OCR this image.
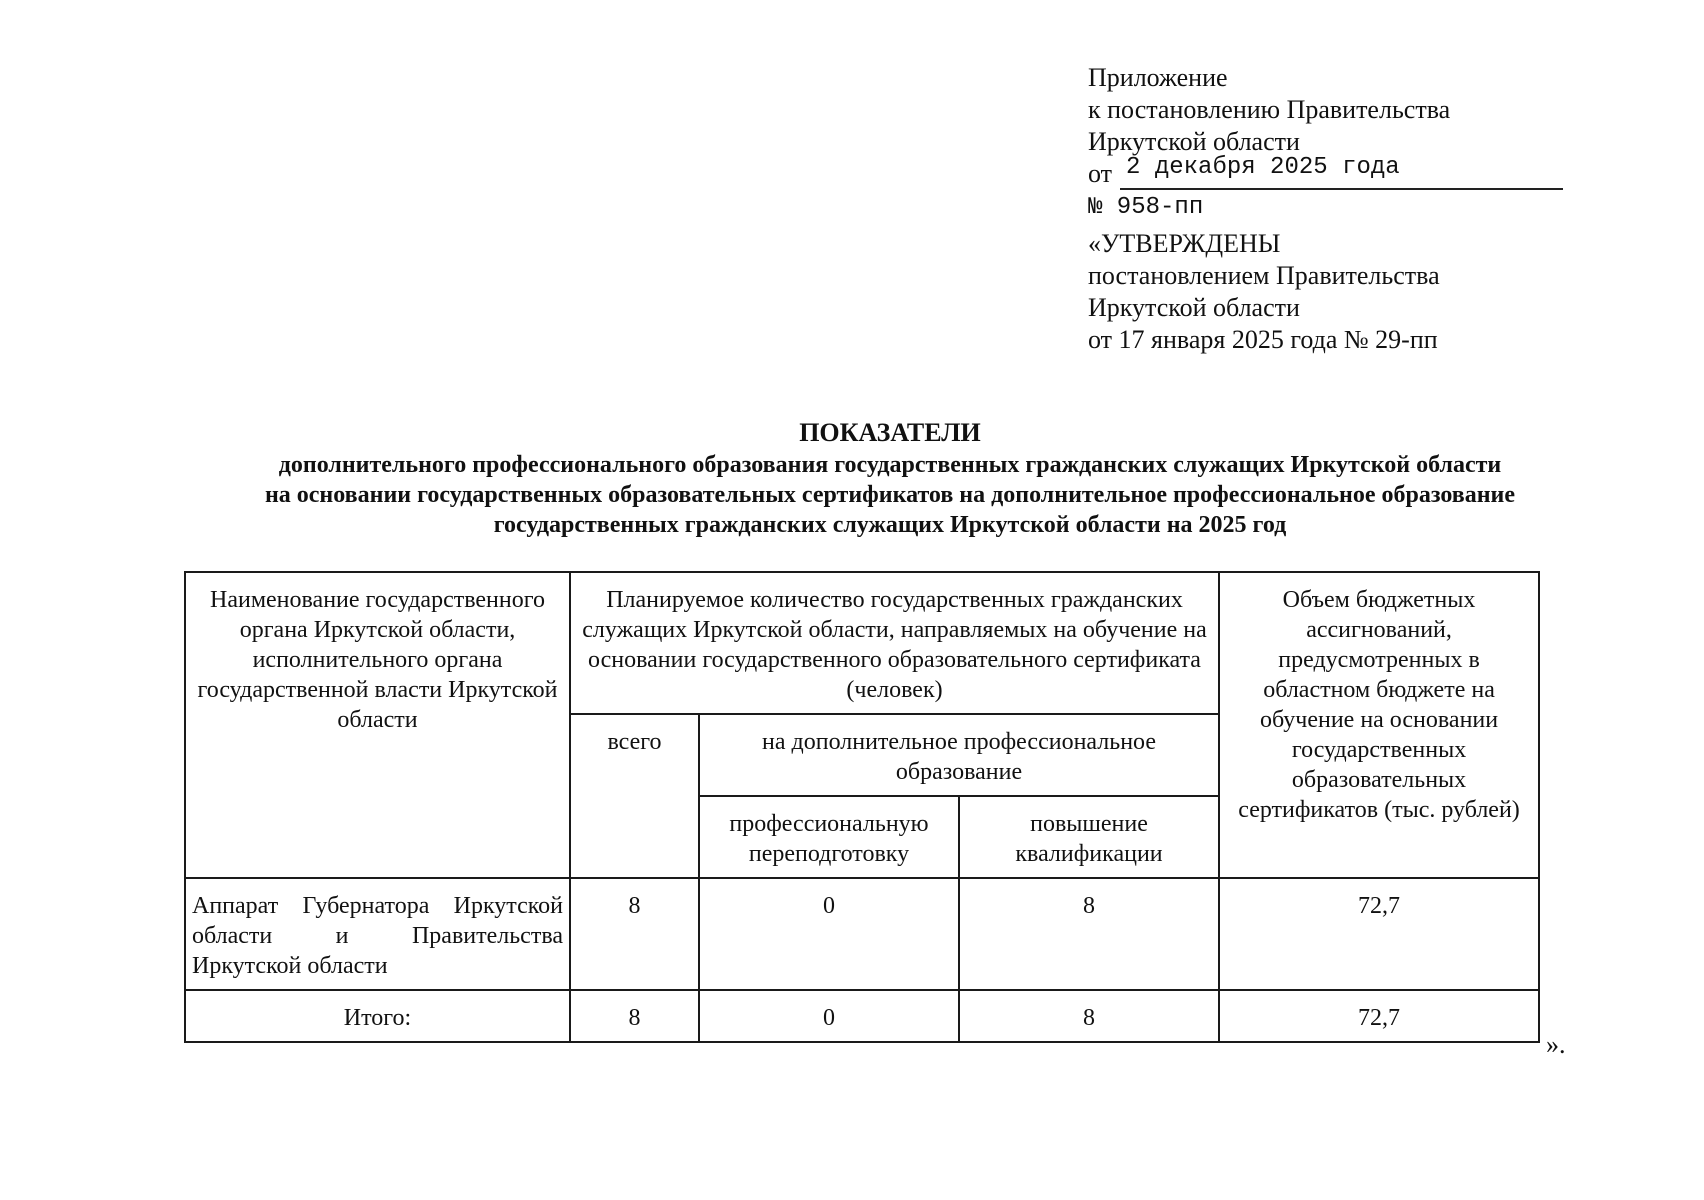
Приложение
к постановлению Правительства
Иркутской области
от 2 декабря 2025 года
№ 958-пп
«УТВЕРЖДЕНЫ
постановлением Правительства
Иркутской области
от 17 января 2025 года № 29-пп
ПОКАЗАТЕЛИ
дополнительного профессионального образования государственных гражданских служащих Иркутской области
на основании государственных образовательных сертификатов на дополнительное профессиональное образование
государственных гражданских служащих Иркутской области на 2025 год
Наименование государственного органа Иркутской области, исполнительного органа государственной власти Иркутской области	Планируемое количество государственных гражданских служащих Иркутской области, направляемых на обучение на основании государственного образовательного сертификата (человек)			Объем бюджетных ассигнований, предусмотренных в областном бюджете на обучение на основании государственных образовательных сертификатов (тыс. рублей)
	всего	на дополнительное профессиональное образование		
		профессиональную переподготовку	повышение квалификации	
Аппарат Губернатора Иркутской области и Правительства Иркутской области	8	0	8	72,7
Итого:	8	0	8	72,7
».
